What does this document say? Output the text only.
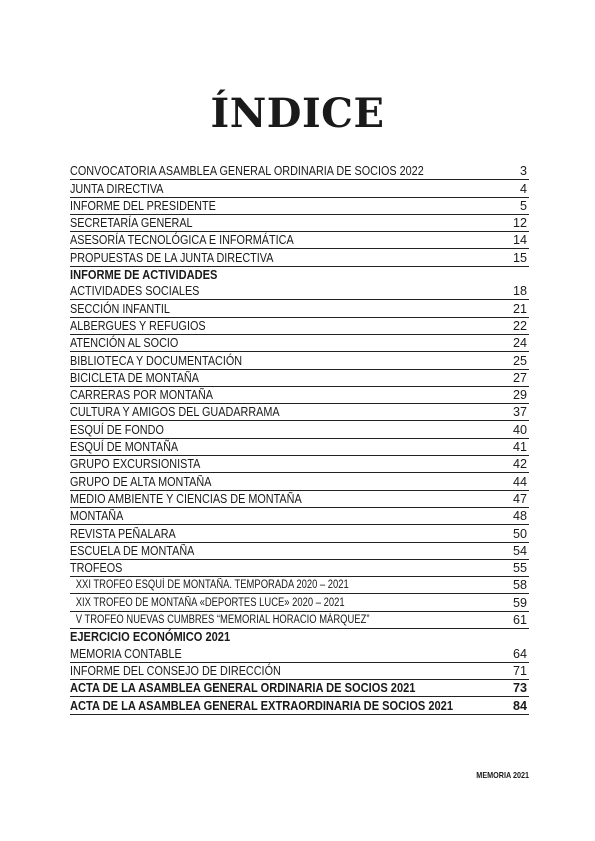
ÍNDICE
CONVOCATORIA ASAMBLEA GENERAL ORDINARIA DE SOCIOS 2022	3
JUNTA DIRECTIVA	4
INFORME DEL PRESIDENTE	5
SECRETARÍA GENERAL	12
ASESORÍA TECNOLÓGICA E INFORMÁTICA	14
PROPUESTAS DE LA JUNTA DIRECTIVA	15
INFORME DE ACTIVIDADES
ACTIVIDADES SOCIALES	18
SECCIÓN INFANTIL	21
ALBERGUES Y REFUGIOS	22
ATENCIÓN AL SOCIO	24
BIBLIOTECA Y DOCUMENTACIÓN	25
BICICLETA DE MONTAÑA	27
CARRERAS POR MONTAÑA	29
CULTURA Y AMIGOS DEL GUADARRAMA	37
ESQUÍ DE FONDO	40
ESQUÍ DE MONTAÑA	41
GRUPO EXCURSIONISTA	42
GRUPO DE ALTA MONTAÑA	44
MEDIO AMBIENTE Y CIENCIAS DE MONTAÑA	47
MONTAÑA	48
REVISTA PEÑALARA	50
ESCUELA DE MONTAÑA	54
TROFEOS	55
XXI TROFEO ESQUÍ DE MONTAÑA. TEMPORADA 2020 – 2021	58
XIX TROFEO DE MONTAÑA «DEPORTES LUCE» 2020 – 2021	59
V TROFEO NUEVAS CUMBRES “MEMORIAL HORACIO MÁRQUEZ”	61
EJERCICIO ECONÓMICO 2021
MEMORIA CONTABLE	64
INFORME DEL CONSEJO DE DIRECCIÓN	71
ACTA DE LA ASAMBLEA GENERAL ORDINARIA DE SOCIOS 2021	73
ACTA DE LA ASAMBLEA GENERAL EXTRAORDINARIA DE SOCIOS 2021	84
MEMORIA 2021
